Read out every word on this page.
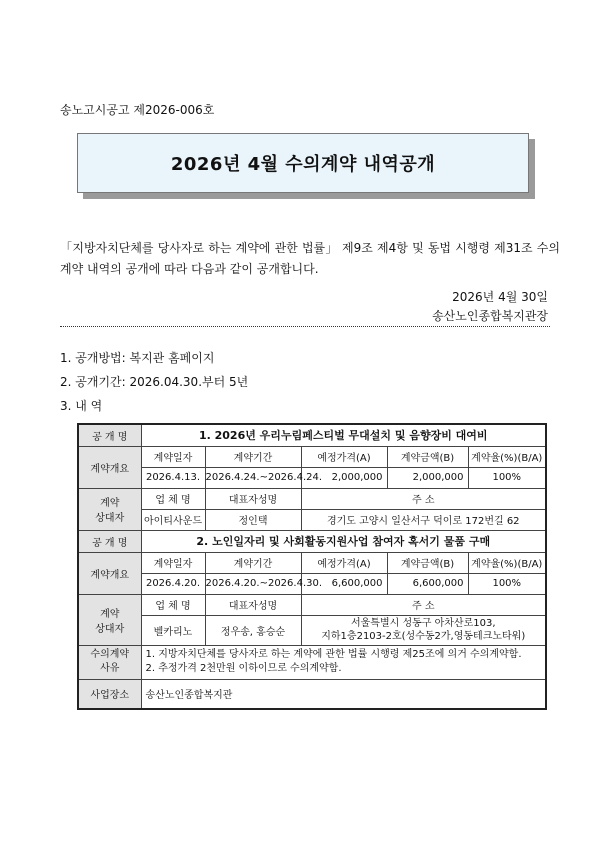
송노고시공고 제2026-006호
2026년 4월 수의계약 내역공개
「지방자치단체를 당사자로 하는 계약에 관한 법률」 제9조 제4항 및 동법 시행령 제31조 수의계약 내역의 공개에 따라 다음과 같이 공개합니다.
2026년 4월 30일
송산노인종합복지관장
1. 공개방법: 복지관 홈페이지
2. 공개기간: 2026.04.30.부터 5년
3. 내 역
공 개 명	1. 2026년 우리누림페스티벌 무대설치 및 음향장비 대여비				
계약개요	계약일자	계약기간	예정가격(A)	계약금액(B)	계약율(%)(B/A)
	2026.4.13.	2026.4.24.~2026.4.24.	2,000,000	2,000,000	100%
계약
상대자	업 체 명	대표자성명	주 소		
	아이티사운드	정인택	경기도 고양시 일산서구 덕이로 172번길 62		
공 개 명	2. 노인일자리 및 사회활동지원사업 참여자 혹서기 물품 구매				
계약개요	계약일자	계약기간	예정가격(A)	계약금액(B)	계약율(%)(B/A)
	2026.4.20.	2026.4.20.~2026.4.30.	6,600,000	6,600,000	100%
계약
상대자	업 체 명	대표자성명	주 소		
	벨카리노	정우송, 홍승순	서울특별시 성동구 아차산로103,
지하1층2103-2호(성수동2가,영동테크노타워)		
수의계약
사유	1. 지방자치단체를 당사자로 하는 계약에 관한 법률 시행령 제25조에 의거 수의계약함.
2. 추정가격 2천만원 이하이므로 수의계약함.				
사업장소	송산노인종합복지관				
